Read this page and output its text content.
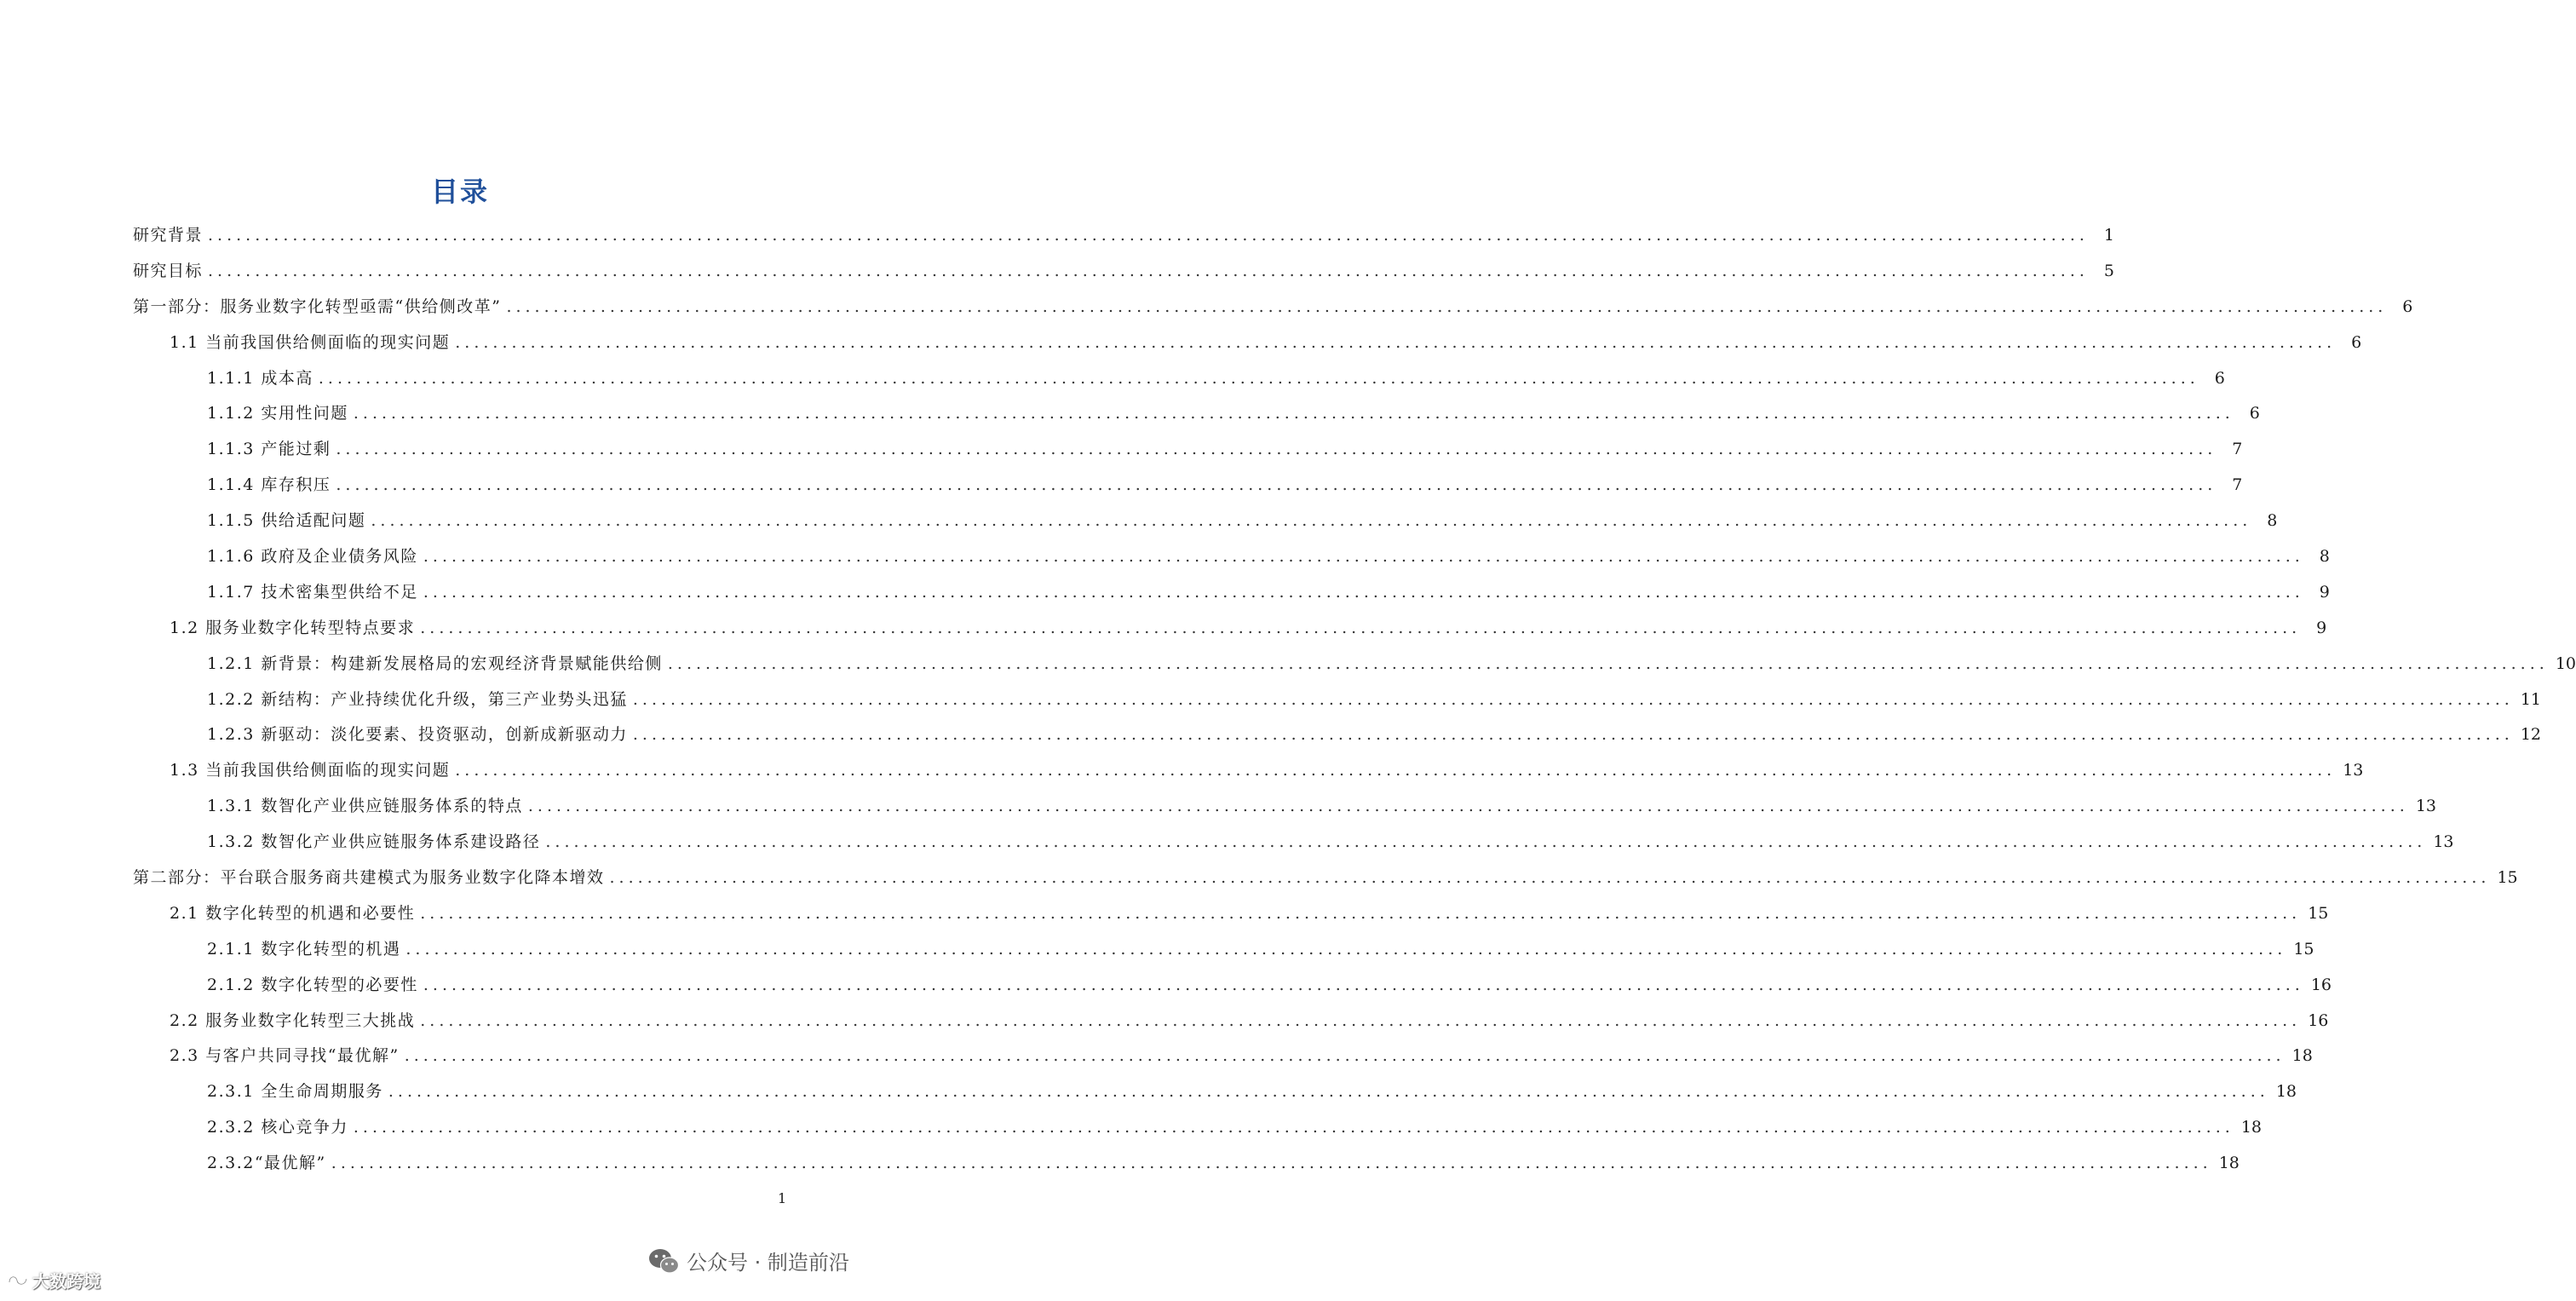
目录
研究背景 ........................................................................................................................................................................................................ 1
研究目标 ........................................................................................................................................................................................................ 5
第一部分：服务业数字化转型亟需“供给侧改革” ........................................................................................................................................................................................................ 6
1.1 当前我国供给侧面临的现实问题 ........................................................................................................................................................................................................ 6
1.1.1 成本高 ........................................................................................................................................................................................................ 6
1.1.2 实用性问题 ........................................................................................................................................................................................................ 6
1.1.3 产能过剩 ........................................................................................................................................................................................................ 7
1.1.4 库存积压 ........................................................................................................................................................................................................ 7
1.1.5 供给适配问题 ........................................................................................................................................................................................................ 8
1.1.6 政府及企业债务风险 ........................................................................................................................................................................................................ 8
1.1.7 技术密集型供给不足 ........................................................................................................................................................................................................ 9
1.2 服务业数字化转型特点要求 ........................................................................................................................................................................................................ 9
1.2.1 新背景：构建新发展格局的宏观经济背景赋能供给侧 ........................................................................................................................................................................................................ 10
1.2.2 新结构：产业持续优化升级，第三产业势头迅猛 ........................................................................................................................................................................................................ 11
1.2.3 新驱动：淡化要素、投资驱动，创新成新驱动力 ........................................................................................................................................................................................................ 12
1.3 当前我国供给侧面临的现实问题 ........................................................................................................................................................................................................ 13
1.3.1 数智化产业供应链服务体系的特点 ........................................................................................................................................................................................................ 13
1.3.2 数智化产业供应链服务体系建设路径 ........................................................................................................................................................................................................ 13
第二部分：平台联合服务商共建模式为服务业数字化降本增效 ........................................................................................................................................................................................................ 15
2.1 数字化转型的机遇和必要性 ........................................................................................................................................................................................................ 15
2.1.1 数字化转型的机遇 ........................................................................................................................................................................................................ 15
2.1.2 数字化转型的必要性 ........................................................................................................................................................................................................ 16
2.2 服务业数字化转型三大挑战 ........................................................................................................................................................................................................ 16
2.3 与客户共同寻找“最优解” ........................................................................................................................................................................................................ 18
2.3.1 全生命周期服务 ........................................................................................................................................................................................................ 18
2.3.2 核心竞争力 ........................................................................................................................................................................................................ 18
2.3.2“最优解” ........................................................................................................................................................................................................ 18
1
大数跨境
公众号 · 制造前沿
